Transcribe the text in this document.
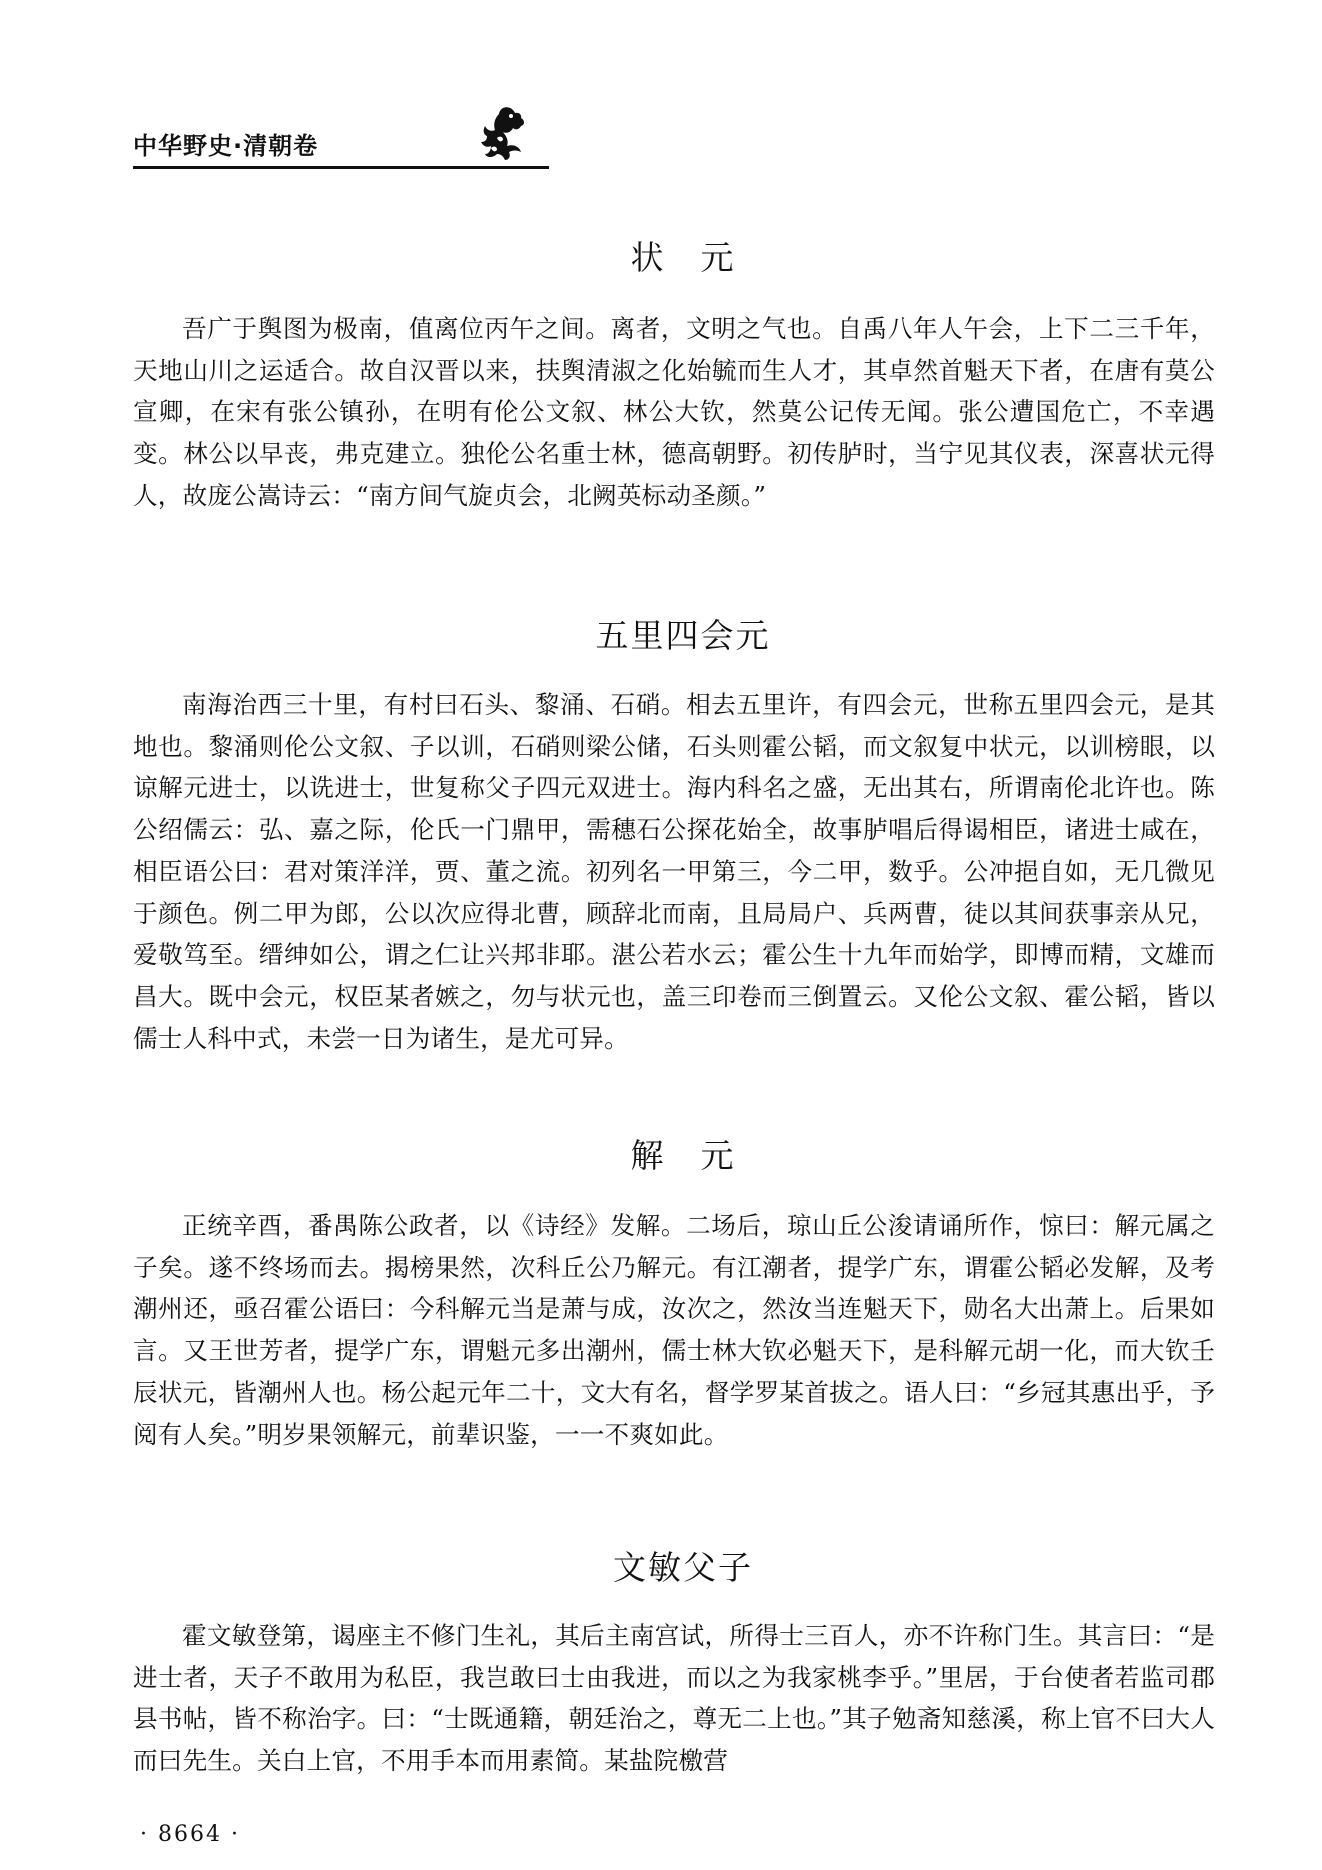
中华野史·清朝卷
状　元
吾广于舆图为极南，值离位丙午之间。离者，文明之气也。自禹八年人午会，上下二三千年，天地山川之运适合。故自汉晋以来，扶舆清淑之化始毓而生人才，其卓然首魁天下者，在唐有莫公宣卿，在宋有张公镇孙，在明有伦公文叙、林公大钦，然莫公记传无闻。张公遭国危亡，不幸遇变。林公以早丧，弗克建立。独伦公名重士林，德高朝野。初传胪时，当宁见其仪表，深喜状元得人，故庞公嵩诗云：“南方间气旋贞会，北阙英标动圣颜。”
五里四会元
南海治西三十里，有村曰石头、黎涌、石硝。相去五里许，有四会元，世称五里四会元，是其地也。黎涌则伦公文叙、子以训，石硝则梁公储，石头则霍公韬，而文叙复中状元，以训榜眼，以谅解元进士，以诜进士，世复称父子四元双进士。海内科名之盛，无出其右，所谓南伦北许也。陈公绍儒云：弘、嘉之际，伦氏一门鼎甲，需穗石公探花始全，故事胪唱后得谒相臣，诸进士咸在，相臣语公曰：君对策洋洋，贾、董之流。初列名一甲第三，今二甲，数乎。公冲挹自如，无几微见于颜色。例二甲为郎，公以次应得北曹，顾辞北而南，且局局户、兵两曹，徒以其间获事亲从兄，爱敬笃至。缙绅如公，谓之仁让兴邦非耶。湛公若水云；霍公生十九年而始学，即博而精，文雄而昌大。既中会元，权臣某者嫉之，勿与状元也，盖三印卷而三倒置云。又伦公文叙、霍公韬，皆以儒士人科中式，未尝一日为诸生，是尤可异。
解　元
正统辛酉，番禺陈公政者，以《诗经》发解。二场后，琼山丘公浚请诵所作，惊曰：解元属之子矣。遂不终场而去。揭榜果然，次科丘公乃解元。有江潮者，提学广东，谓霍公韬必发解，及考潮州还，亟召霍公语曰：今科解元当是萧与成，汝次之，然汝当连魁天下，勋名大出萧上。后果如言。又王世芳者，提学广东，谓魁元多出潮州，儒士林大钦必魁天下，是科解元胡一化，而大钦壬辰状元，皆潮州人也。杨公起元年二十，文大有名，督学罗某首拔之。语人曰：“乡冠其惠出乎，予阅有人矣。”明岁果领解元，前辈识鉴，一一不爽如此。
文敏父子
霍文敏登第，谒座主不修门生礼，其后主南宫试，所得士三百人，亦不许称门生。其言曰：“是进士者，天子不敢用为私臣，我岂敢曰士由我进，而以之为我家桃李乎。”里居，于台使者若监司郡县书帖，皆不称治字。曰：“士既通籍，朝廷治之，尊无二上也。”其子勉斋知慈溪，称上官不曰大人而曰先生。关白上官，不用手本而用素简。某盐院檄营
· 8664 ·
